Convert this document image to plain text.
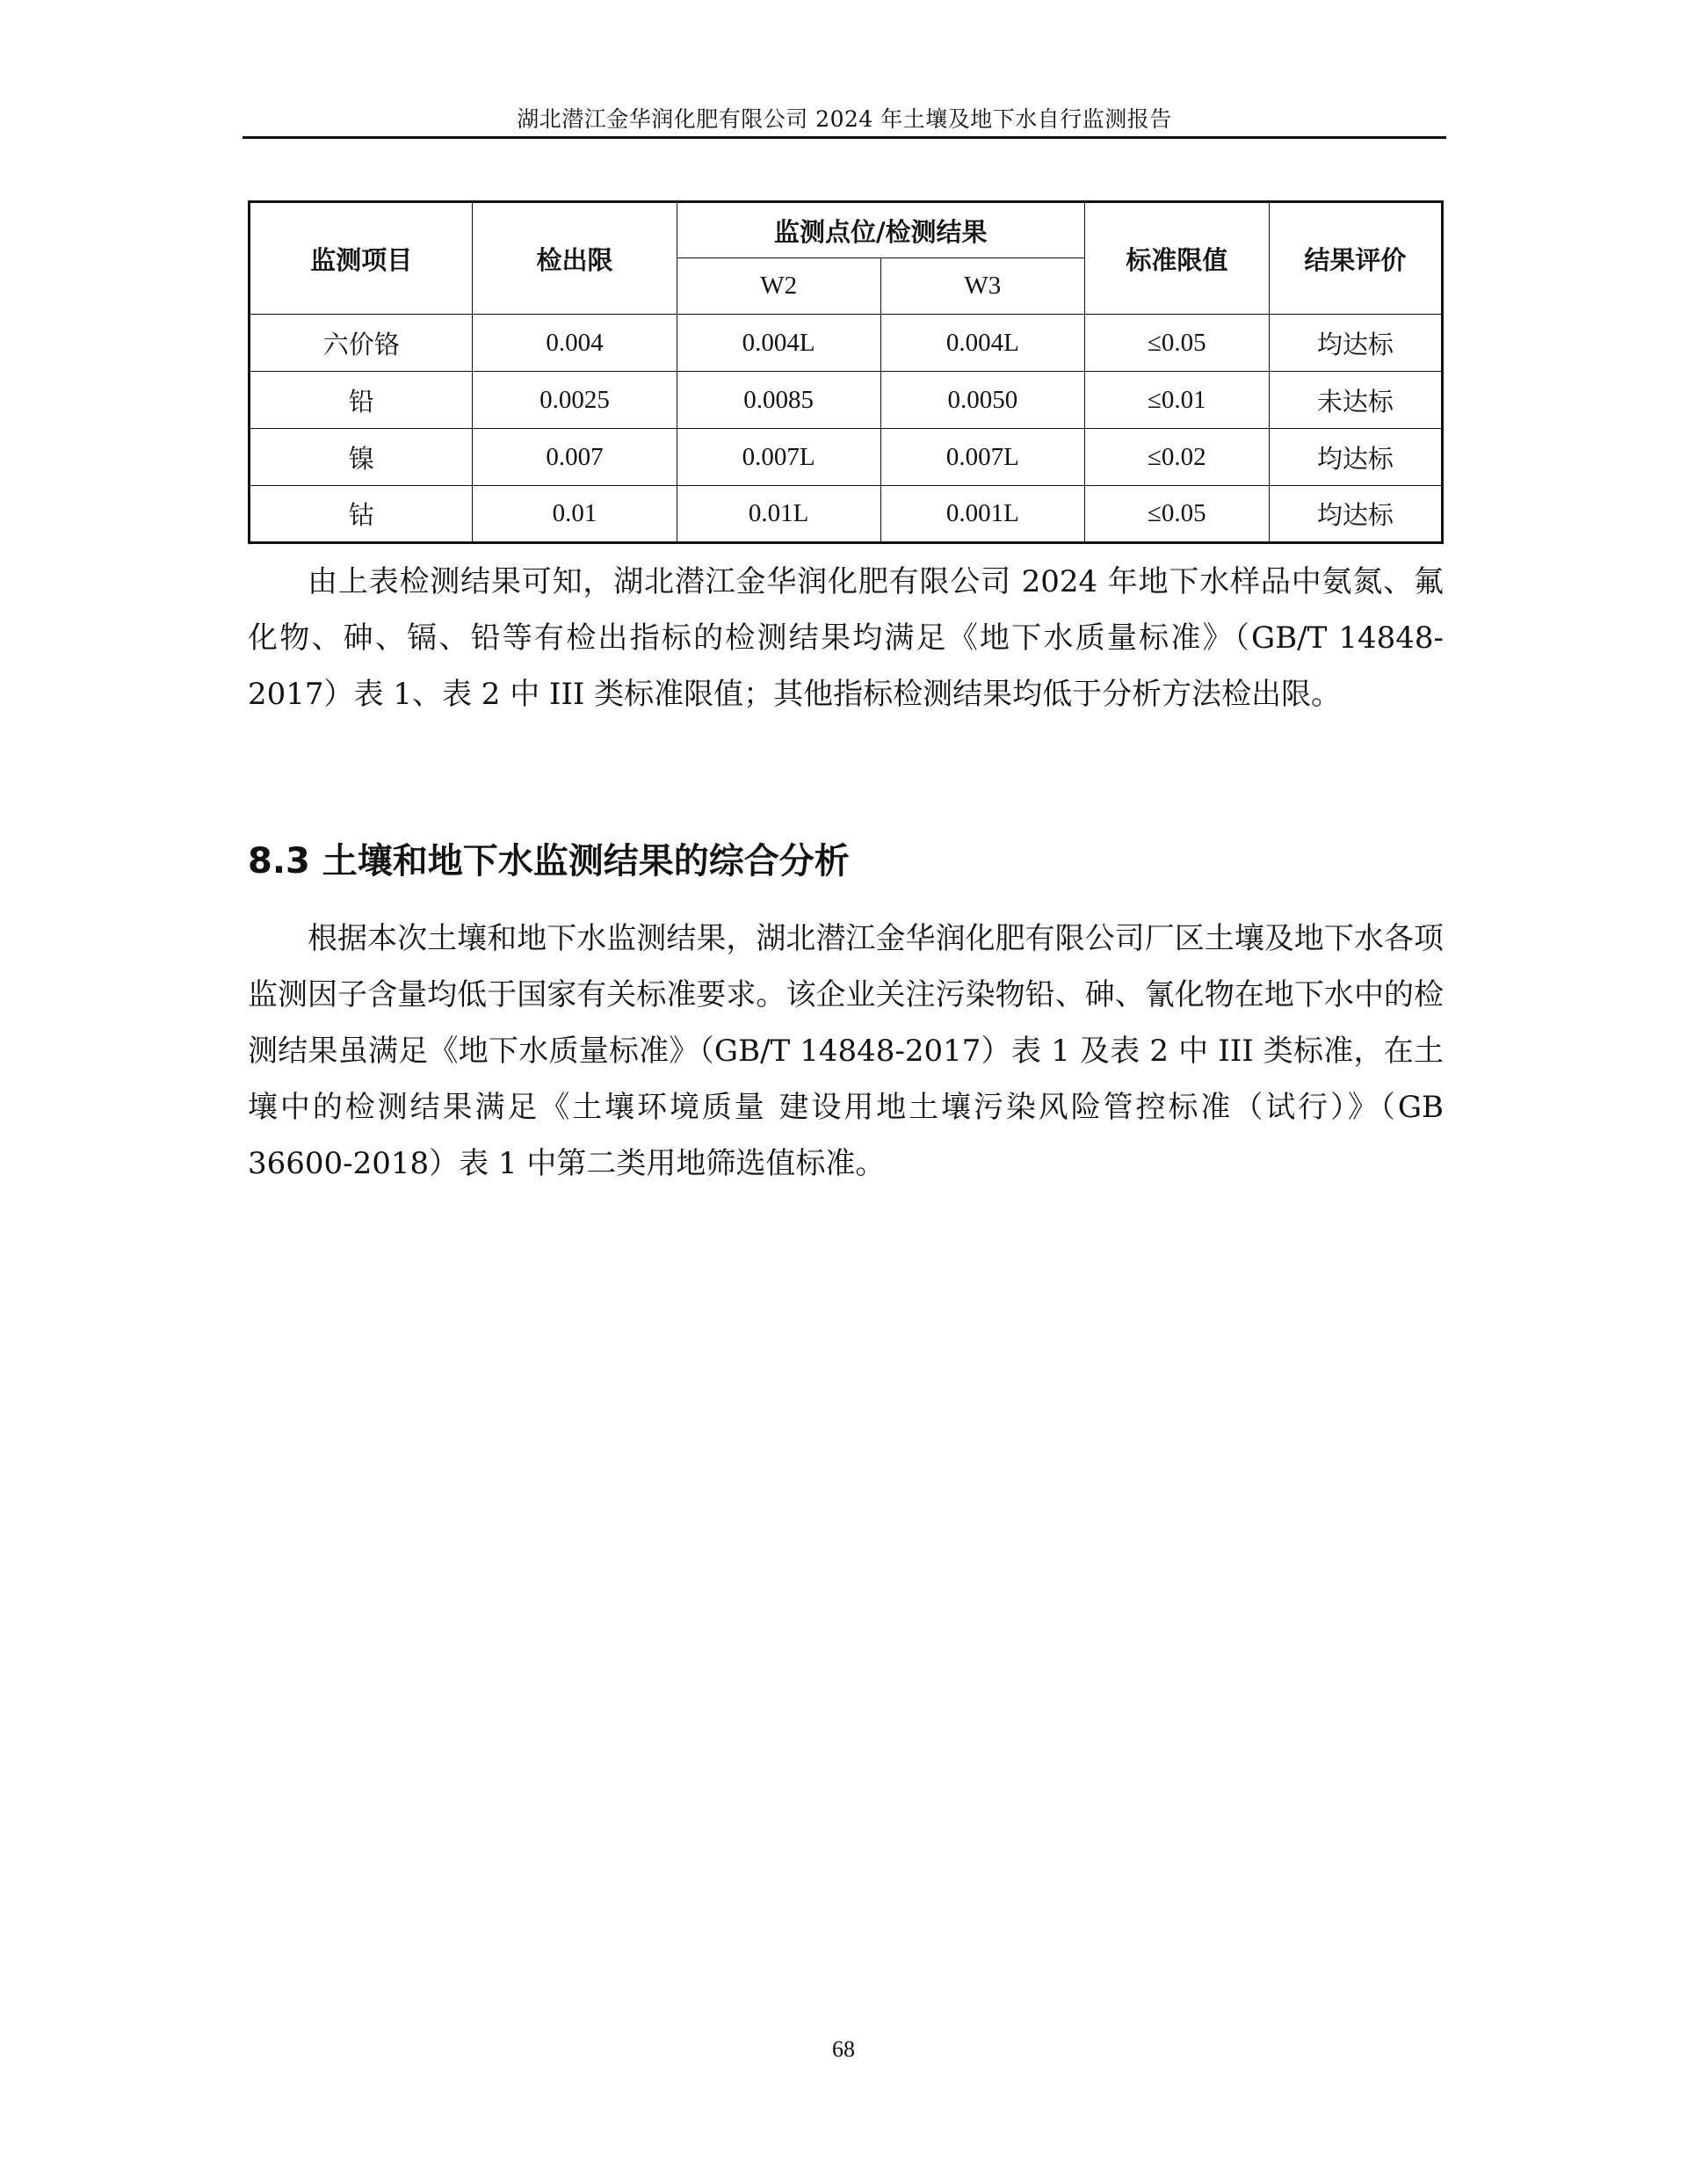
湖北潜江金华润化肥有限公司 2024 年土壤及地下水自行监测报告
监测项目	检出限	监测点位/检测结果		标准限值	结果评价
		W2	W3		
六价铬	0.004	0.004L	0.004L	≤0.05	均达标
铅	0.0025	0.0085	0.0050	≤0.01	未达标
镍	0.007	0.007L	0.007L	≤0.02	均达标
钴	0.01	0.01L	0.001L	≤0.05	均达标

由上表检测结果可知，湖北潜江金华润化肥有限公司 2024 年地下水样品中氨氮、氟化物、砷、镉、铅等有检出指标的检测结果均满足《地下水质量标准》（GB/T 14848-2017）表 1、表 2 中 III 类标准限值；其他指标检测结果均低于分析方法检出限。

8.3 土壤和地下水监测结果的综合分析

根据本次土壤和地下水监测结果，湖北潜江金华润化肥有限公司厂区土壤及地下水各项监测因子含量均低于国家有关标准要求。该企业关注污染物铅、砷、氰化物在地下水中的检测结果虽满足《地下水质量标准》（GB/T 14848-2017）表 1 及表 2 中 III 类标准，在土壤中的检测结果满足《土壤环境质量 建设用地土壤污染风险管控标准（试行）》（GB 36600-2018）表 1 中第二类用地筛选值标准。

68
